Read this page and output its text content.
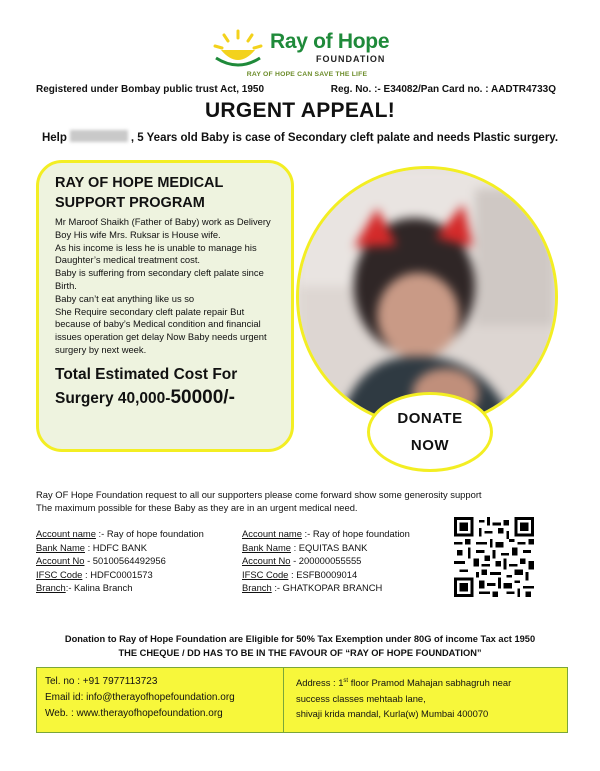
Ray of Hope
FOUNDATION
RAY OF HOPE CAN SAVE THE LIFE
Registered under Bombay public trust Act, 1950	Reg. No. :- E34082/Pan Card no. : AADTR4733Q
URGENT APPEAL!
Help	, 5 Years old Baby is case of Secondary cleft palate and needs Plastic surgery.
RAY OF HOPE MEDICAL SUPPORT PROGRAM
Mr Maroof Shaikh (Father of Baby) work as Delivery Boy His wife Mrs. Ruksar is House wife.
As his income is less he is unable to manage his Daughter’s medical treatment cost.
Baby is suffering from secondary cleft palate since Birth.
Baby can’t eat anything like us so
She Require secondary cleft palate repair But because of baby’s Medical condition and financial issues operation get delay Now Baby needs urgent surgery by next week.
Total Estimated Cost For
Surgery 40,000-50000/-
DONATE
NOW
Ray OF Hope Foundation request to all our supporters please come forward show some generosity support
The maximum possible for these Baby as they are in an urgent medical need.
Account name :- Ray of hope foundation
Bank Name : HDFC BANK
Account No - 50100564492956
IFSC Code : HDFC0001573
Branch:- Kalina Branch
Account name :- Ray of hope foundation
Bank Name : EQUITAS BANK
Account No - 200000055555
IFSC Code : ESFB0009014
Branch :- GHATKOPAR BRANCH
Donation to Ray of Hope Foundation are Eligible for 50% Tax Exemption under 80G of income Tax act 1950
THE CHEQUE / DD HAS TO BE IN THE FAVOUR OF “RAY OF HOPE FOUNDATION”
Tel. no : +91 7977113723
Email id: info@therayofhopefoundation.org
Web. : www.therayofhopefoundation.org
Address : 1st floor Pramod Mahajan sabhagruh near
success classes mehtaab lane,
shivaji krida mandal, Kurla(w) Mumbai 400070
